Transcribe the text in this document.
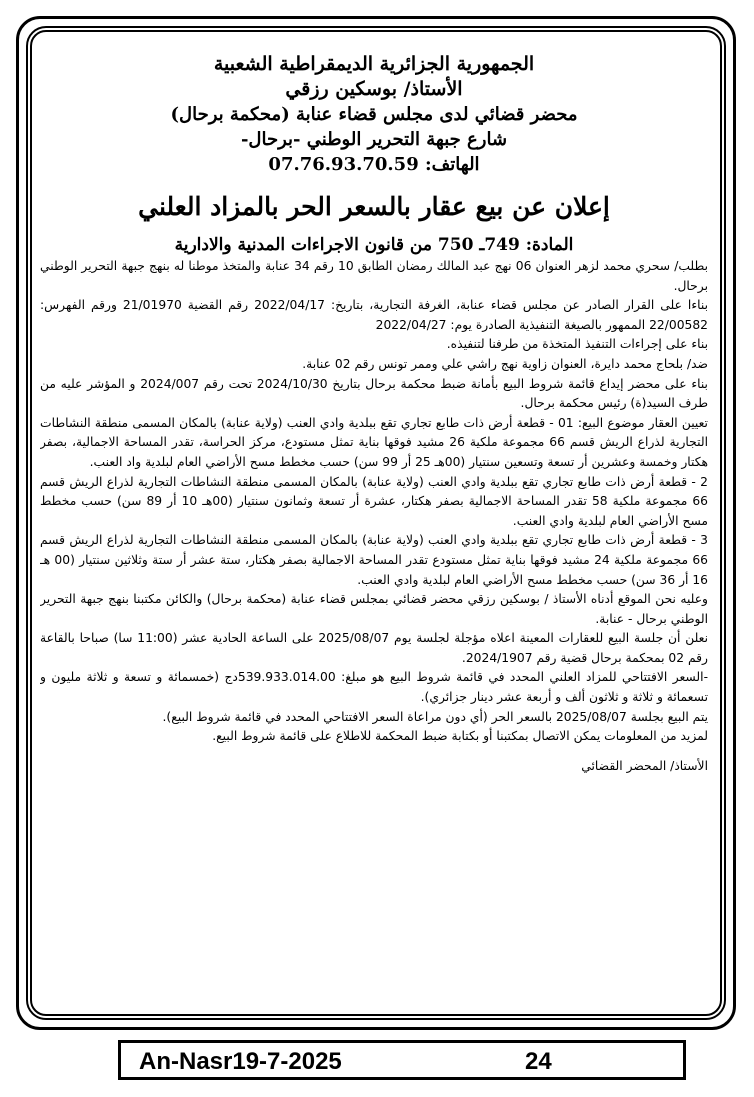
الجمهورية الجزائرية الديمقراطية الشعبية

الأستاذ/ بوسكين رزقي

محضر قضائي لدى مجلس قضاء عنابة (محكمة برحال)

شارع جبهة التحرير الوطني -برحال-

الهاتف: 07.76.93.70.59

إعلان عن بيع عقار بالسعر الحر بالمزاد العلني

المادة: 749ـ 750 من قانون الاجراءات المدنية والادارية

بطلب/ سحري محمد لزهر العنوان 06 نهج عبد المالك رمضان الطابق 10 رقم 34 عنابة والمتخذ موطنا له بنهج جبهة التحرير الوطني برحال.

بناءا على القرار الصادر عن مجلس قضاء عنابة، الغرفة التجارية، بتاريخ: 2022/04/17 رقم القضية 21/01970 ورقم الفهرس: 22/00582 الممهور بالصيغة التنفيذية الصادرة يوم: 2022/04/27

بناء على إجراءات التنفيذ المتخذة من طرفنا لتنفيذه.

ضد/ بلحاج محمد دايرة، العنوان زاوية نهج راشي علي وممر تونس رقم 02 عنابة.

بناء على محضر إيداع قائمة شروط البيع بأمانة ضبط محكمة برحال بتاريخ 2024/10/30 تحت رقم 2024/007 و المؤشر عليه من طرف السيد(ة) رئيس محكمة برحال.

تعيين العقار موضوع البيع: 01 - قطعة أرض ذات طابع تجاري تقع ببلدية وادي العنب (ولاية عنابة) بالمكان المسمى منطقة النشاطات التجارية لذراع الريش قسم 66 مجموعة ملكية 26 مشيد فوقها بناية تمثل مستودع، مركز الحراسة، تقدر المساحة الاجمالية، بصفر هكتار وخمسة وعشرين أر تسعة وتسعين سنتيار (00هـ 25 أر 99 سن) حسب مخطط مسح الأراضي العام لبلدية واد العنب.

2 - قطعة أرض ذات طابع تجاري تقع ببلدية وادي العنب (ولاية عنابة) بالمكان المسمى منطقة النشاطات التجارية لذراع الريش قسم 66 مجموعة ملكية 58 تقدر المساحة الاجمالية بصفر هكتار، عشرة أر تسعة وثمانون سنتيار (00هـ 10 أر 89 سن) حسب مخطط مسح الأراضي العام لبلدية وادي العنب.

3 - قطعة أرض ذات طابع تجاري تقع ببلدية وادي العنب (ولاية عنابة) بالمكان المسمى منطقة النشاطات التجارية لذراع الريش قسم 66 مجموعة ملكية 24 مشيد فوقها بناية تمثل مستودع تقدر المساحة الاجمالية بصفر هكتار، ستة عشر أر ستة وثلاثين سنتيار (00 هـ 16 أر 36 سن) حسب مخطط مسح الأراضي العام لبلدية وادي العنب.

وعليه نحن الموقع أدناه الأستاذ / بوسكين رزقي محضر قضائي بمجلس قضاء عنابة (محكمة برحال) والكائن مكتبنا بنهج جبهة التحرير الوطني برحال - عنابة.

نعلن أن جلسة البيع للعقارات المعينة اعلاه مؤجلة لجلسة يوم 2025/08/07 على الساعة الحادية عشر (11:00 سا) صباحا بالقاعة رقم 02 بمحكمة برحال قضية رقم 2024/1907.

-السعر الافتتاحي للمزاد العلني المحدد في قائمة شروط البيع هو مبلغ: 539.933.014.00دج (خمسمائة و تسعة و ثلاثة مليون و تسعمائة و ثلاثة و ثلاثون ألف و أربعة عشر دينار جزائري).

يتم البيع بجلسة 2025/08/07 بالسعر الحر (أي دون مراعاة السعر الافتتاحي المحدد في قائمة شروط البيع).

لمزيد من المعلومات يمكن الاتصال بمكتبنا أو بكتابة ضبط المحكمة للاطلاع على قائمة شروط البيع.

الأستاذ/ المحضر القضائي

An-Nasr19-7-2025	24
